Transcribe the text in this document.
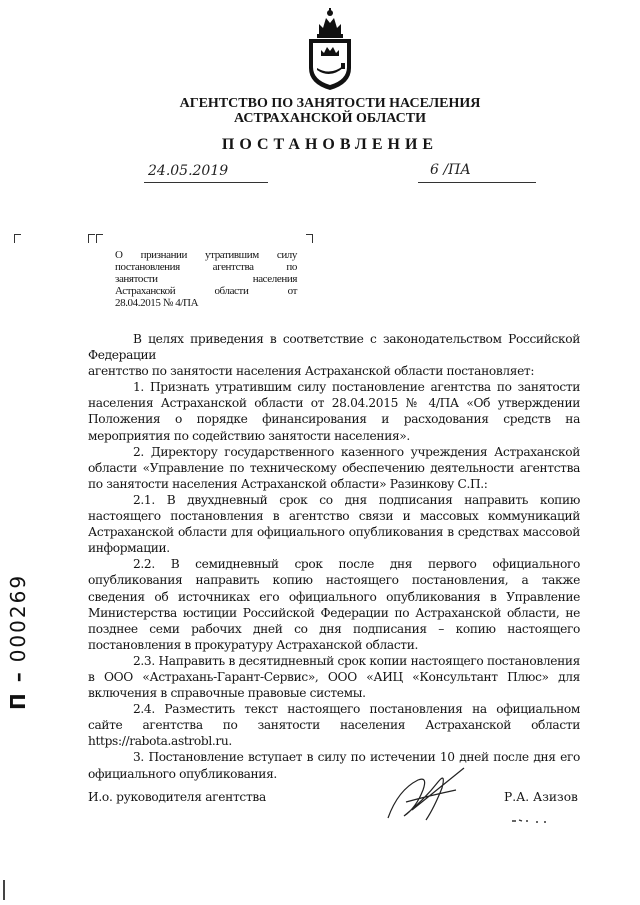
АГЕНТСТВО ПО ЗАНЯТОСТИ НАСЕЛЕНИЯ
АСТРАХАНСКОЙ ОБЛАСТИ
ПОСТАНОВЛЕНИЕ
24.05.2019	6 /ПА
О признании утратившим силу
постановления агентства по
занятости населения
Астраханской области от
28.04.2015 № 4/ПА

В целях приведения в соответствие с законодательством Российской Федерации

агентство по занятости населения Астраханской области постановляет:

1. Признать утратившим силу постановление агентства по занятости населения Астраханской области от 28.04.2015 № 4/ПА «Об утверждении Положения о порядке финансирования и расходования средств на мероприятия по содействию занятости населения».

2. Директору государственного казенного учреждения Астраханской области «Управление по техническому обеспечению деятельности агентства по занятости населения Астраханской области» Разинкову С.П.:

2.1. В двухдневный срок со дня подписания направить копию настоящего постановления в агентство связи и массовых коммуникаций Астраханской области для официального опубликования в средствах массовой информации.

2.2. В семидневный срок после дня первого официального опубликования направить копию настоящего постановления, а также сведения об источниках его официального опубликования в Управление Министерства юстиции Российской Федерации по Астраханской области, не позднее семи рабочих дней со дня подписания – копию настоящего постановления в прокуратуру Астраханской области.

2.3. Направить в десятидневный срок копии настоящего постановления в ООО «Астрахань-Гарант-Сервис», ООО «АИЦ «Консультант Плюс» для включения в справочные правовые системы.

2.4. Разместить текст настоящего постановления на официальном сайте агентства по занятости населения Астраханской области https://rabota.astrobl.ru.

3. Постановление вступает в силу по истечении 10 дней после дня его официального опубликования.

И.о. руководителя агентства	Р.А. Азизов
П –000269
